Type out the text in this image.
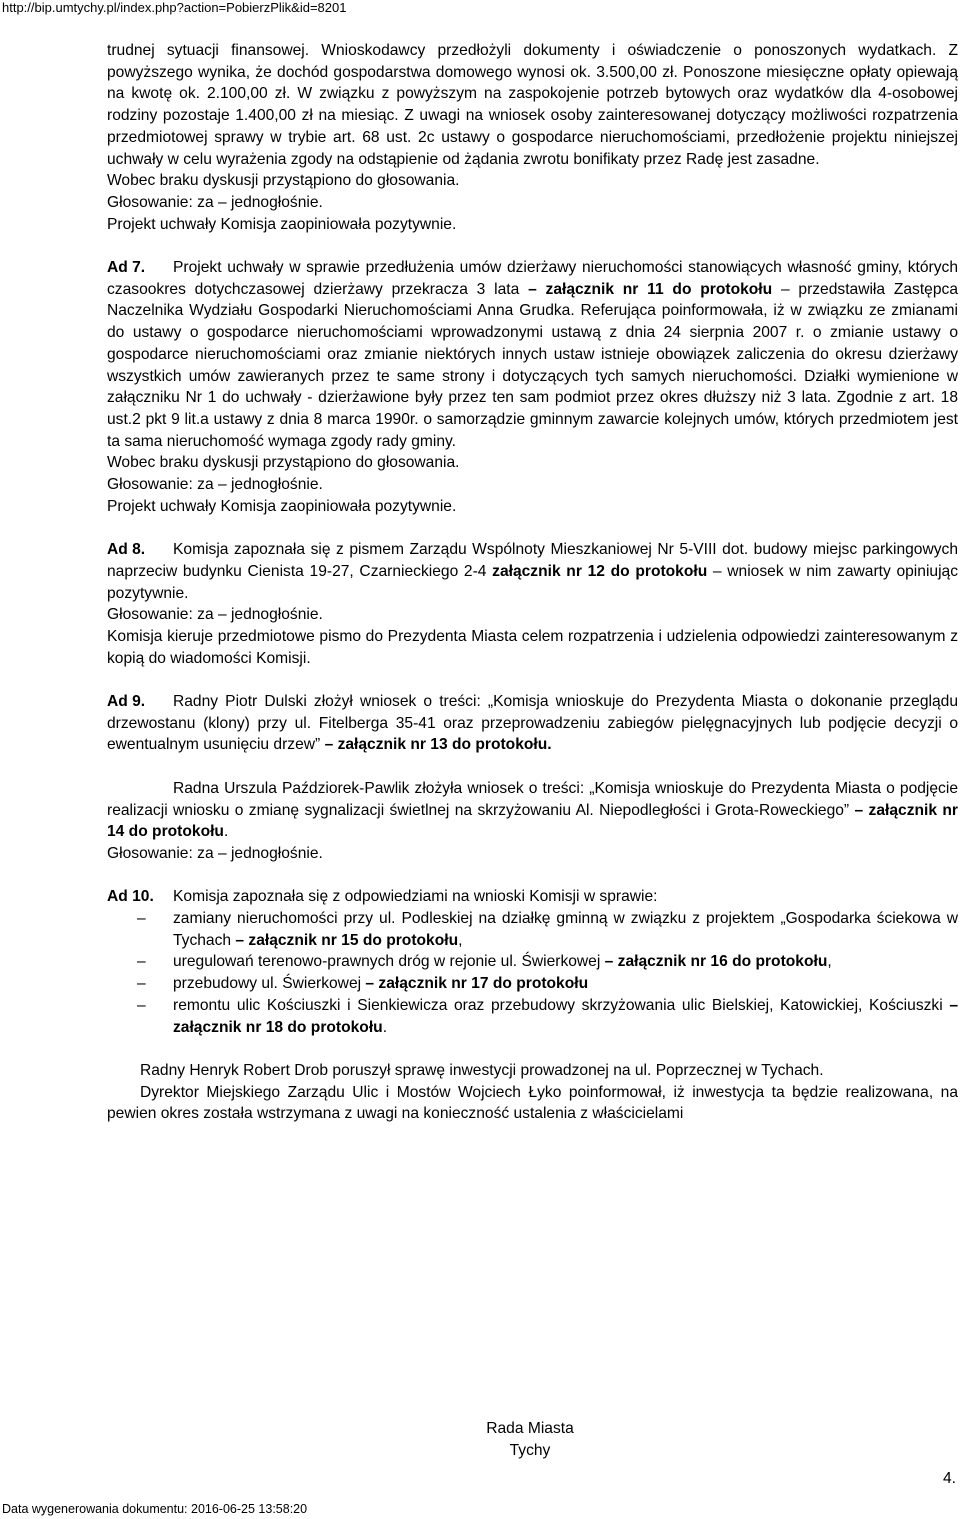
http://bip.umtychy.pl/index.php?action=PobierzPlik&id=8201

trudnej sytuacji finansowej. Wnioskodawcy przedłożyli dokumenty i oświadczenie o ponoszonych wydatkach. Z powyższego wynika, że dochód gospodarstwa domowego wynosi ok. 3.500,00 zł. Ponoszone miesięczne opłaty opiewają na kwotę ok. 2.100,00 zł. W związku z powyższym na zaspokojenie potrzeb bytowych oraz wydatków dla 4-osobowej rodziny pozostaje 1.400,00 zł na miesiąc. Z uwagi na wniosek osoby zainteresowanej dotyczący możliwości rozpatrzenia przedmiotowej sprawy w trybie art. 68 ust. 2c ustawy o gospodarce nieruchomościami, przedłożenie projektu niniejszej uchwały w celu wyrażenia zgody na odstąpienie od żądania zwrotu bonifikaty przez Radę jest zasadne.

Wobec braku dyskusji przystąpiono do głosowania.

Głosowanie: za – jednogłośnie.

Projekt uchwały Komisja zaopiniowała pozytywnie.

Ad 7. Projekt uchwały w sprawie przedłużenia umów dzierżawy nieruchomości stanowiących własność gminy, których czasookres dotychczasowej dzierżawy przekracza 3 lata – załącznik nr 11 do protokołu – przedstawiła Zastępca Naczelnika Wydziału Gospodarki Nieruchomościami Anna Grudka. Referująca poinformowała, iż w związku ze zmianami do ustawy o gospodarce nieruchomościami wprowadzonymi ustawą z dnia 24 sierpnia 2007 r. o zmianie ustawy o gospodarce nieruchomościami oraz zmianie niektórych innych ustaw istnieje obowiązek zaliczenia do okresu dzierżawy wszystkich umów zawieranych przez te same strony i dotyczących tych samych nieruchomości. Działki wymienione w załączniku Nr 1 do uchwały - dzierżawione były przez ten sam podmiot przez okres dłuższy niż 3 lata. Zgodnie z art. 18 ust.2 pkt 9 lit.a ustawy z dnia 8 marca 1990r. o samorządzie gminnym zawarcie kolejnych umów, których przedmiotem jest ta sama nieruchomość wymaga zgody rady gminy.

Wobec braku dyskusji przystąpiono do głosowania.

Głosowanie: za – jednogłośnie.

Projekt uchwały Komisja zaopiniowała pozytywnie.

Ad 8. Komisja zapoznała się z pismem Zarządu Wspólnoty Mieszkaniowej Nr 5-VIII dot. budowy miejsc parkingowych naprzeciw budynku Cienista 19-27, Czarnieckiego 2-4 załącznik nr 12 do protokołu – wniosek w nim zawarty opiniując pozytywnie.

Głosowanie: za – jednogłośnie.

Komisja kieruje przedmiotowe pismo do Prezydenta Miasta celem rozpatrzenia i udzielenia odpowiedzi zainteresowanym z kopią do wiadomości Komisji.

Ad 9. Radny Piotr Dulski złożył wniosek o treści: „Komisja wnioskuje do Prezydenta Miasta o dokonanie przeglądu drzewostanu (klony) przy ul. Fitelberga 35-41 oraz przeprowadzeniu zabiegów pielęgnacyjnych lub podjęcie decyzji o ewentualnym usunięciu drzew” – załącznik nr 13 do protokołu.

Radna Urszula Paździorek-Pawlik złożyła wniosek o treści: „Komisja wnioskuje do Prezydenta Miasta o podjęcie realizacji wniosku o zmianę sygnalizacji świetlnej na skrzyżowaniu Al. Niepodległości i Grota-Roweckiego” – załącznik nr 14 do protokołu.

Głosowanie: za – jednogłośnie.

Ad 10. Komisja zapoznała się z odpowiedziami na wnioski Komisji w sprawie:

– zamiany nieruchomości przy ul. Podleskiej na działkę gminną w związku z projektem „Gospodarka ściekowa w Tychach – załącznik nr 15 do protokołu,
– uregulowań terenowo-prawnych dróg w rejonie ul. Świerkowej – załącznik nr 16 do protokołu,
– przebudowy ul. Świerkowej – załącznik nr 17 do protokołu
– remontu ulic Kościuszki i Sienkiewicza oraz przebudowy skrzyżowania ulic Bielskiej, Katowickiej, Kościuszki – załącznik nr 18 do protokołu.

Radny Henryk Robert Drob poruszył sprawę inwestycji prowadzonej na ul. Poprzecznej w Tychach.

Dyrektor Miejskiego Zarządu Ulic i Mostów Wojciech Łyko poinformował, iż inwestycja ta będzie realizowana, na pewien okres została wstrzymana z uwagi na konieczność ustalenia z właścicielami

Rada Miasta
Tychy
4.
Data wygenerowania dokumentu: 2016-06-25 13:58:20
